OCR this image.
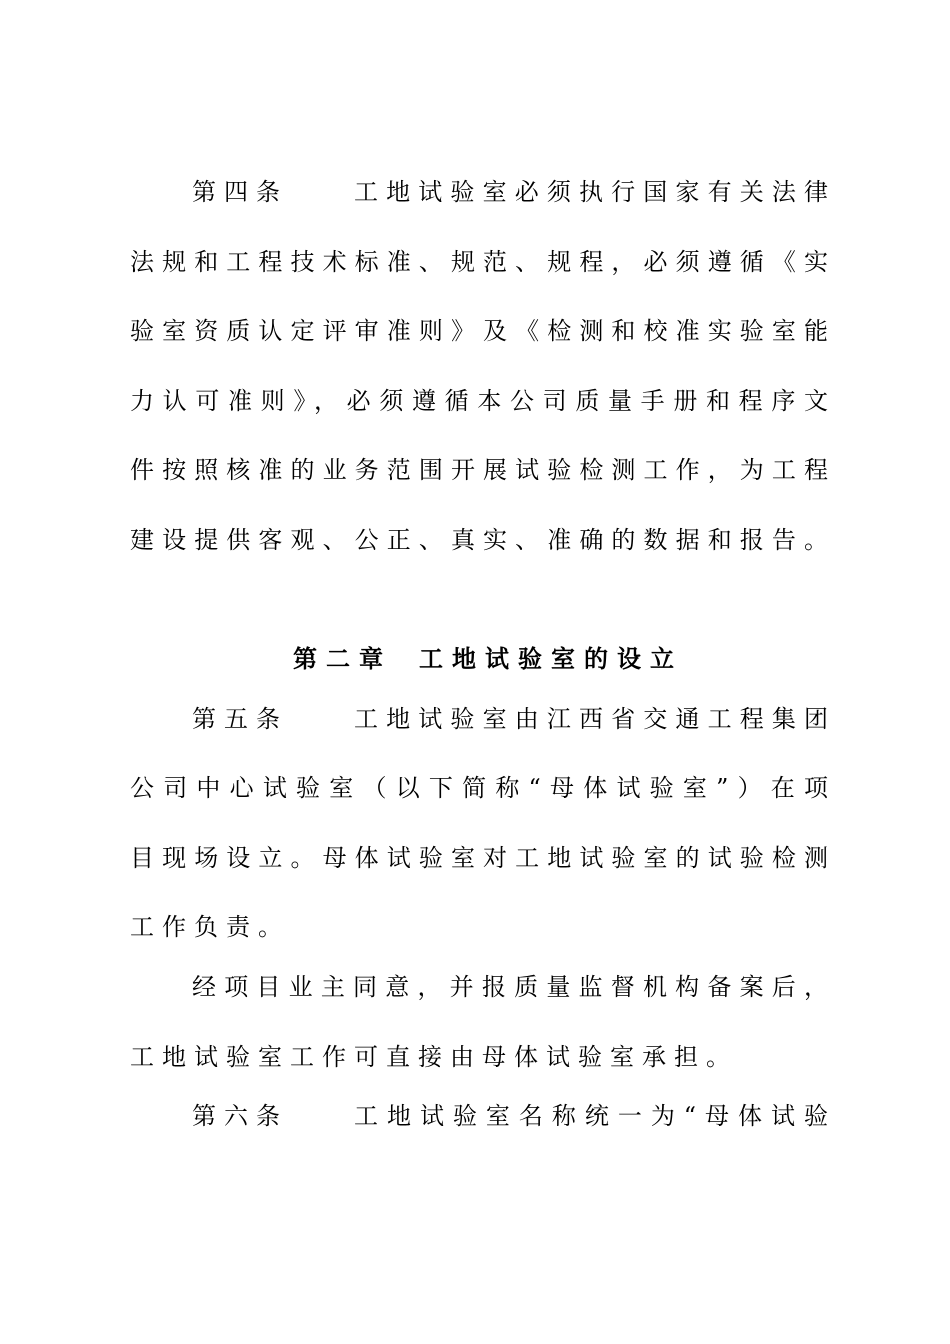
第四条	工地试验室必须执行国家有关法律
法规和工程技术标准、规范、规程，必须遵循《实
验室资质认定评审准则》及《检测和校准实验室能
力认可准则》，必须遵循本公司质量手册和程序文
件按照核准的业务范围开展试验检测工作，为工程
建设提供客观、公正、真实、准确的数据和报告。
第二章 工地试验室的设立
第五条	工地试验室由江西省交通工程集团
公司中心试验室（以下简称“母体试验室”）在项
目现场设立。母体试验室对工地试验室的试验检测
工作负责。
经项目业主同意，并报质量监督机构备案后，
工地试验室工作可直接由母体试验室承担。
第六条	工地试验室名称统一为“母体试验
